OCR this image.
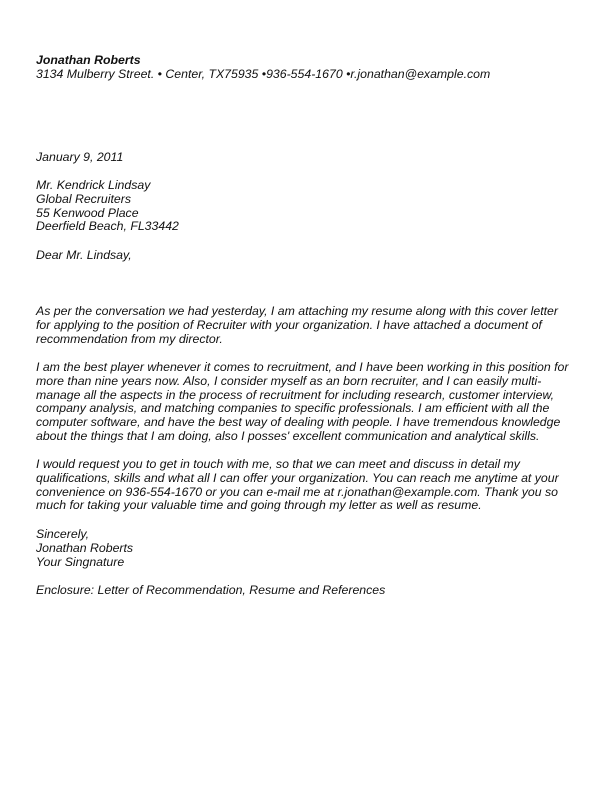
Jonathan Roberts
3134 Mulberry Street. • Center, TX75935 •936-554-1670 •r.jonathan@example.com
January 9, 2011
Mr. Kendrick Lindsay
Global Recruiters
55 Kenwood Place
Deerfield Beach, FL33442
Dear Mr. Lindsay,
As per the conversation we had yesterday, I am attaching my resume along with this cover letter
for applying to the position of Recruiter with your organization. I have attached a document of
recommendation from my director.
I am the best player whenever it comes to recruitment, and I have been working in this position for
more than nine years now. Also, I consider myself as an born recruiter, and I can easily multi-
manage all the aspects in the process of recruitment for including research, customer interview,
company analysis, and matching companies to specific professionals. I am efficient with all the
computer software, and have the best way of dealing with people. I have tremendous knowledge
about the things that I am doing, also I posses' excellent communication and analytical skills.
I would request you to get in touch with me, so that we can meet and discuss in detail my
qualifications, skills and what all I can offer your organization. You can reach me anytime at your
convenience on 936-554-1670 or you can e-mail me at r.jonathan@example.com. Thank you so
much for taking your valuable time and going through my letter as well as resume.
Sincerely,
Jonathan Roberts
Your Singnature
Enclosure: Letter of Recommendation, Resume and References
